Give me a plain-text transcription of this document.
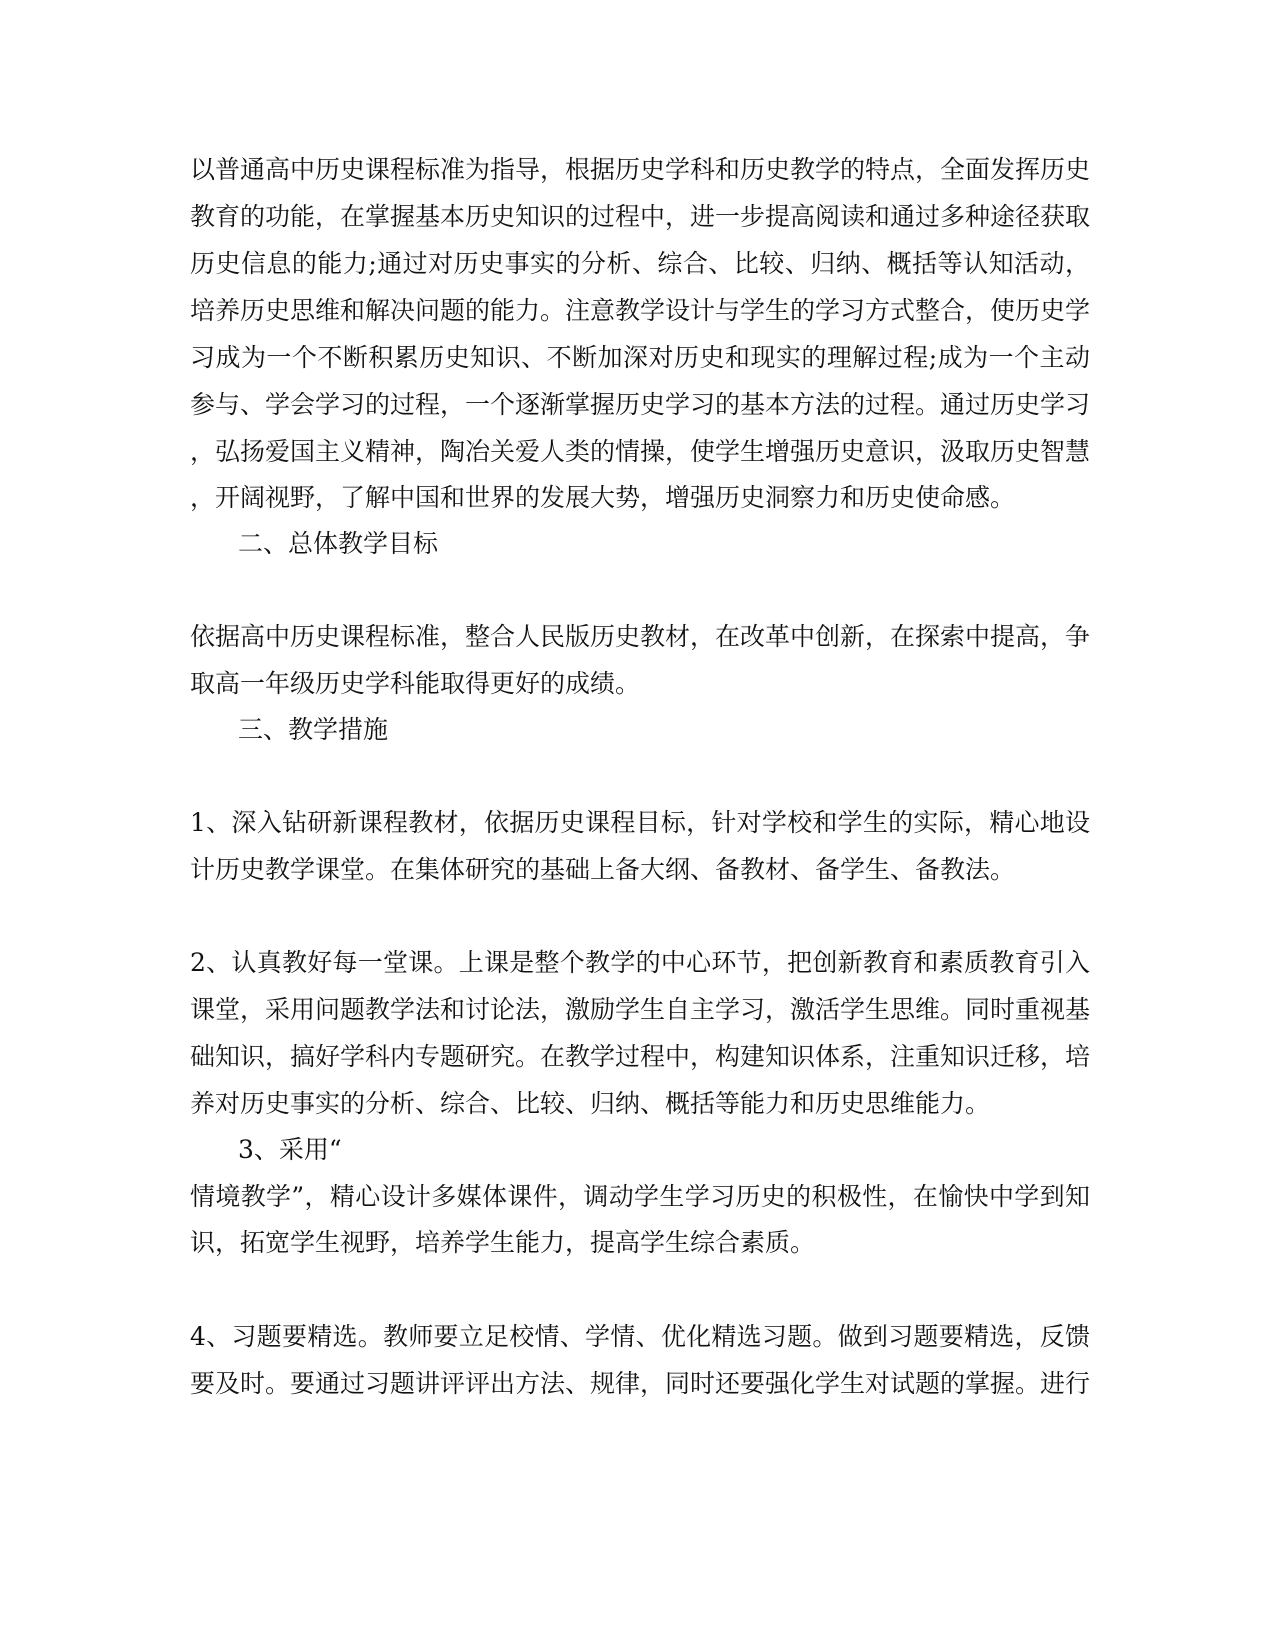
以普通高中历史课程标准为指导，根据历史学科和历史教学的特点，全面发挥历史
教育的功能，在掌握基本历史知识的过程中，进一步提高阅读和通过多种途径获取
历史信息的能力;通过对历史事实的分析、综合、比较、归纳、概括等认知活动，
培养历史思维和解决问题的能力。注意教学设计与学生的学习方式整合，使历史学
习成为一个不断积累历史知识、不断加深对历史和现实的理解过程;成为一个主动
参与、学会学习的过程，一个逐渐掌握历史学习的基本方法的过程。通过历史学习
，弘扬爱国主义精神，陶冶关爱人类的情操，使学生增强历史意识，汲取历史智慧
，开阔视野，了解中国和世界的发展大势，增强历史洞察力和历史使命感。
二、总体教学目标
依据高中历史课程标准，整合人民版历史教材，在改革中创新，在探索中提高，争
取高一年级历史学科能取得更好的成绩。
三、教学措施
1、深入钻研新课程教材，依据历史课程目标，针对学校和学生的实际，精心地设
计历史教学课堂。在集体研究的基础上备大纲、备教材、备学生、备教法。
2、认真教好每一堂课。上课是整个教学的中心环节，把创新教育和素质教育引入
课堂，采用问题教学法和讨论法，激励学生自主学习，激活学生思维。同时重视基
础知识，搞好学科内专题研究。在教学过程中，构建知识体系，注重知识迁移，培
养对历史事实的分析、综合、比较、归纳、概括等能力和历史思维能力。
3、采用“
情境教学”，精心设计多媒体课件，调动学生学习历史的积极性，在愉快中学到知
识，拓宽学生视野，培养学生能力，提高学生综合素质。
4、习题要精选。教师要立足校情、学情、优化精选习题。做到习题要精选，反馈
要及时。要通过习题讲评评出方法、规律，同时还要强化学生对试题的掌握。进行
